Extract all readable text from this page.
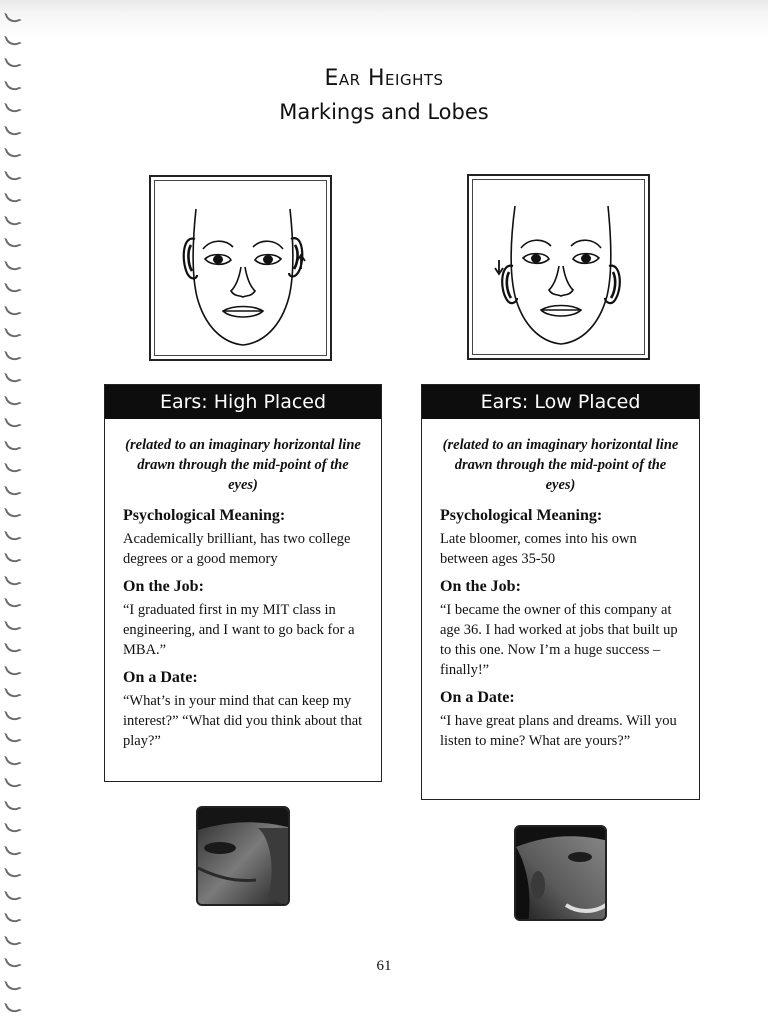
Ear Heights
Markings and Lobes
Ears: High Placed
(related to an imaginary horizontal line drawn through the mid-point of the eyes)
Psychological Meaning:
Academically brilliant, has two college degrees or a good memory
On the Job:
“I graduated first in my MIT class in engineering, and I want to go back for a MBA.”
On a Date:
“What’s in your mind that can keep my interest?” “What did you think about that play?”
Ears: Low Placed
(related to an imaginary horizontal line drawn through the mid-point of the eyes)
Psychological Meaning:
Late bloomer, comes into his own between ages 35-50
On the Job:
“I became the owner of this company at age 36. I had worked at jobs that built up to this one. Now I’m a huge success – finally!”
On a Date:
“I have great plans and dreams. Will you listen to mine? What are yours?”
61
